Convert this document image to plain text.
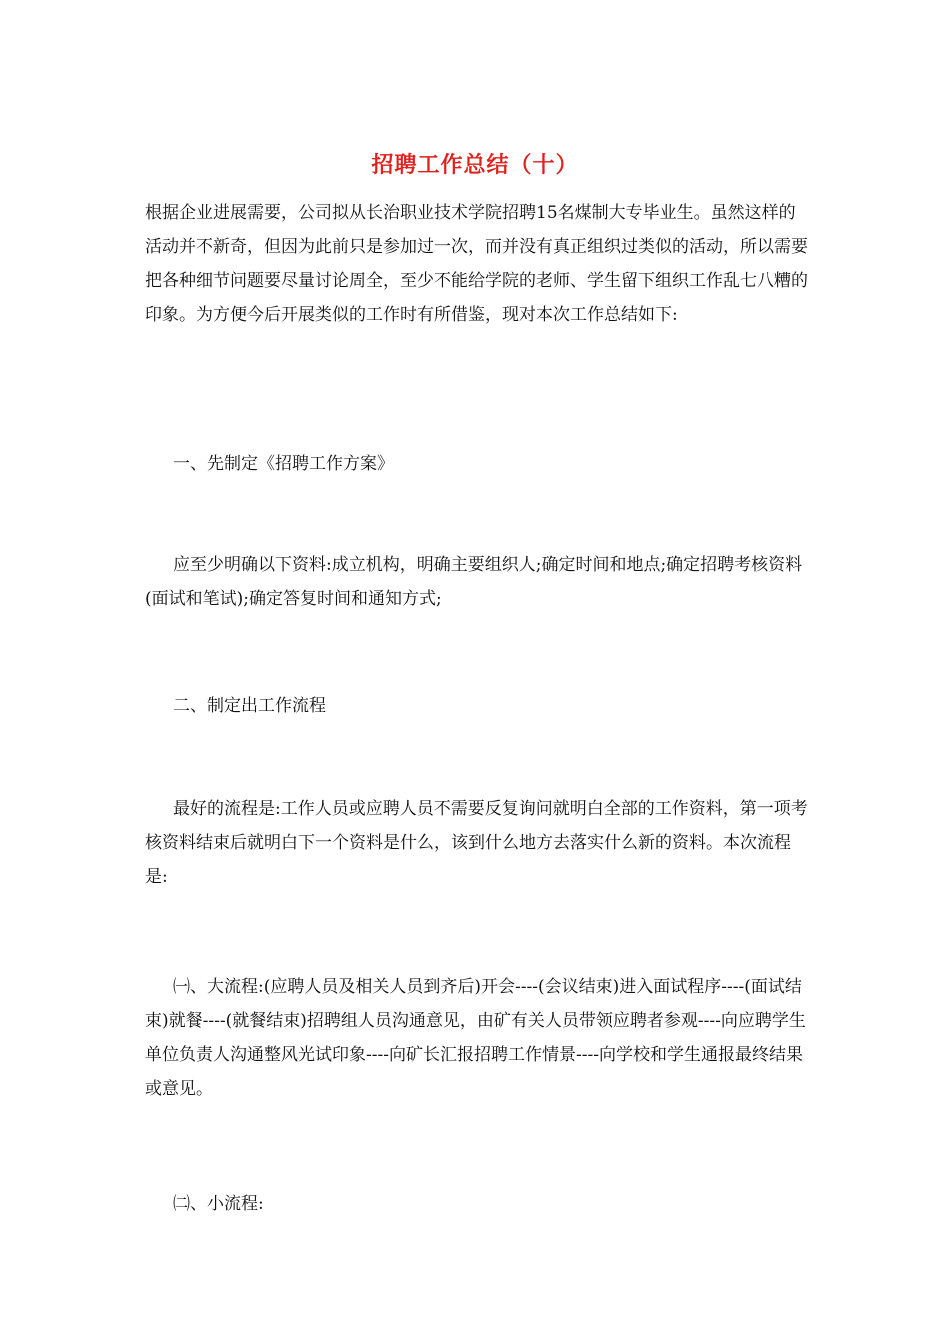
招聘工作总结（十）

根据企业进展需要，公司拟从长治职业技术学院招聘15名煤制大专毕业生。虽然这样的活动并不新奇，但因为此前只是参加过一次，而并没有真正组织过类似的活动，所以需要把各种细节问题要尽量讨论周全，至少不能给学院的老师、学生留下组织工作乱七八糟的印象。为方便今后开展类似的工作时有所借鉴，现对本次工作总结如下:

一、先制定《招聘工作方案》

应至少明确以下资料:成立机构，明确主要组织人;确定时间和地点;确定招聘考核资料(面试和笔试);确定答复时间和通知方式;

二、制定出工作流程

最好的流程是:工作人员或应聘人员不需要反复询问就明白全部的工作资料，第一项考核资料结束后就明白下一个资料是什么，该到什么地方去落实什么新的资料。本次流程是:

㈠、大流程:(应聘人员及相关人员到齐后)开会----(会议结束)进入面试程序----(面试结束)就餐----(就餐结束)招聘组人员沟通意见，由矿有关人员带领应聘者参观----向应聘学生单位负责人沟通整风光试印象----向矿长汇报招聘工作情景----向学校和学生通报最终结果或意见。

㈡、小流程:
